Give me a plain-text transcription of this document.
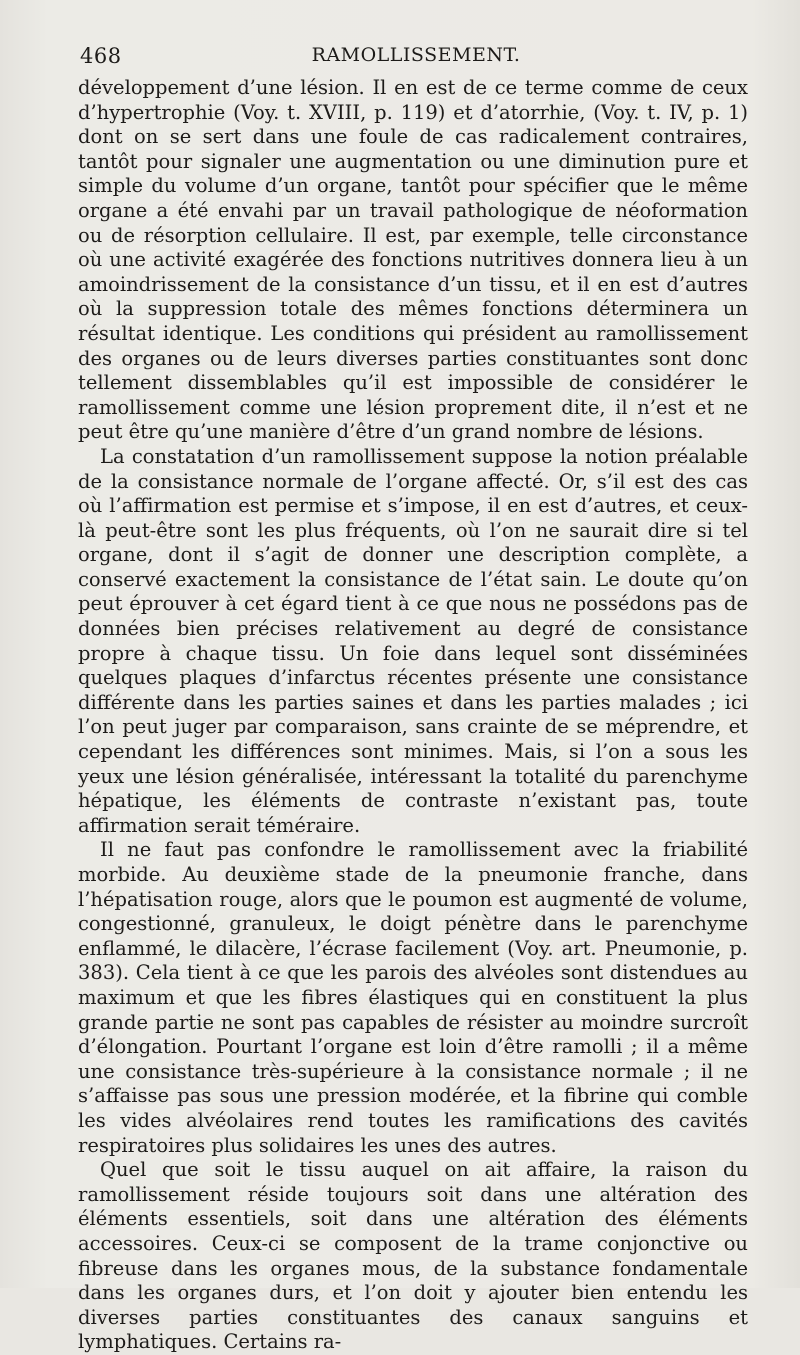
468	RAMOLLISSEMENT.

développement d’une lésion. Il en est de ce terme comme de ceux d’hypertrophie (Voy. t. XVIII, p. 119) et d’atorrhie, (Voy. t. IV, p. 1) dont on se sert dans une foule de cas radicalement contraires, tantôt pour signaler une augmentation ou une diminution pure et simple du volume d’un organe, tantôt pour spécifier que le même organe a été envahi par un travail pathologique de néoformation ou de résorption cellulaire. Il est, par exemple, telle circonstance où une activité exagérée des fonctions nutritives donnera lieu à un amoindrissement de la consistance d’un tissu, et il en est d’autres où la suppression totale des mêmes fonctions déterminera un résultat identique. Les conditions qui président au ramollissement des organes ou de leurs diverses parties constituantes sont donc tellement dissemblables qu’il est impossible de considérer le ramollissement comme une lésion proprement dite, il n’est et ne peut être qu’une manière d’être d’un grand nombre de lésions.

La constatation d’un ramollissement suppose la notion préalable de la consistance normale de l’organe affecté. Or, s’il est des cas où l’affirmation est permise et s’impose, il en est d’autres, et ceux-là peut-être sont les plus fréquents, où l’on ne saurait dire si tel organe, dont il s’agit de donner une description complète, a conservé exactement la consistance de l’état sain. Le doute qu’on peut éprouver à cet égard tient à ce que nous ne possédons pas de données bien précises relativement au degré de consistance propre à chaque tissu. Un foie dans lequel sont disséminées quelques plaques d’infarctus récentes présente une consistance différente dans les parties saines et dans les parties malades ; ici l’on peut juger par comparaison, sans crainte de se méprendre, et cependant les différences sont minimes. Mais, si l’on a sous les yeux une lésion généralisée, intéressant la totalité du parenchyme hépatique, les éléments de contraste n’existant pas, toute affirmation serait téméraire.

Il ne faut pas confondre le ramollissement avec la friabilité morbide. Au deuxième stade de la pneumonie franche, dans l’hépatisation rouge, alors que le poumon est augmenté de volume, congestionné, granuleux, le doigt pénètre dans le parenchyme enflammé, le dilacère, l’écrase facilement (Voy. art. Pneumonie, p. 383). Cela tient à ce que les parois des alvéoles sont distendues au maximum et que les fibres élastiques qui en constituent la plus grande partie ne sont pas capables de résister au moindre surcroît d’élongation. Pourtant l’organe est loin d’être ramolli ; il a même une consistance très-supérieure à la consistance normale ; il ne s’affaisse pas sous une pression modérée, et la fibrine qui comble les vides alvéolaires rend toutes les ramifications des cavités respiratoires plus solidaires les unes des autres.

Quel que soit le tissu auquel on ait affaire, la raison du ramollissement réside toujours soit dans une altération des éléments essentiels, soit dans une altération des éléments accessoires. Ceux-ci se composent de la trame conjonctive ou fibreuse dans les organes mous, de la substance fondamentale dans les organes durs, et l’on doit y ajouter bien entendu les diverses parties constituantes des canaux sanguins et lymphatiques. Certains ra-
